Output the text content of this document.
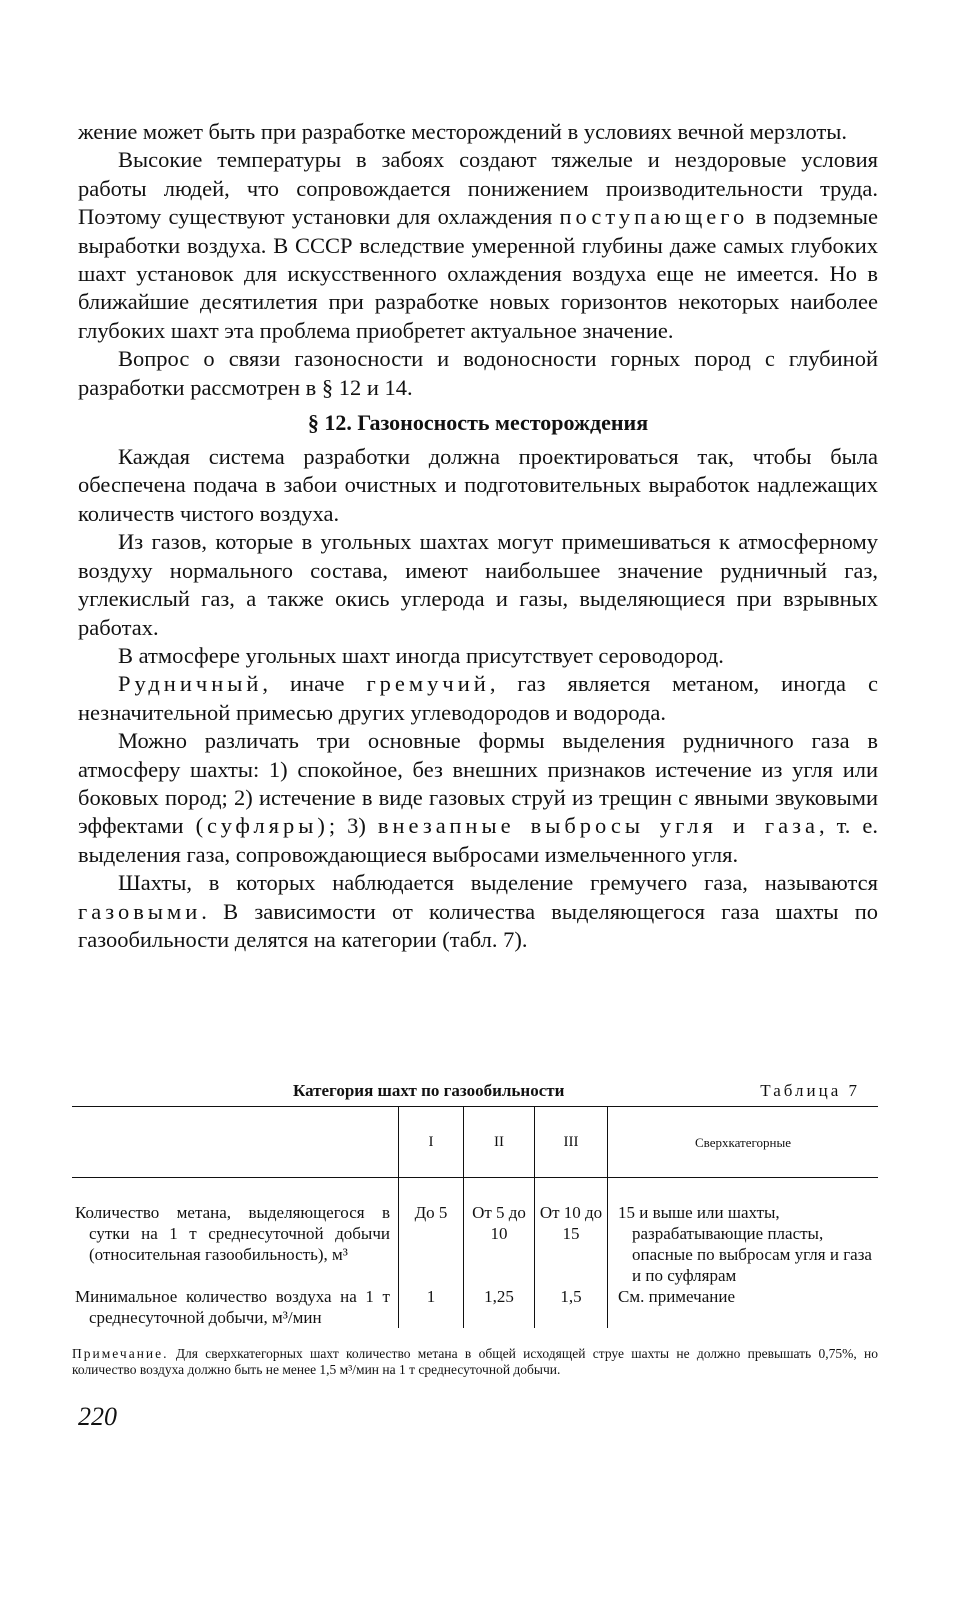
жение может быть при разработке месторождений в условиях вечной мерзлоты.

Высокие температуры в забоях создают тяжелые и нездоровые условия работы людей, что сопровождается понижением производительности труда. Поэтому существуют установки для охлаждения поступающего в подземные выработки воздуха. В СССР вследствие умеренной глубины даже самых глубоких шахт установок для искусственного охлаждения воздуха еще не имеется. Но в ближайшие десятилетия при разработке новых горизонтов некоторых наиболее глубоких шахт эта проблема приобретет актуальное значение.

Вопрос о связи газоносности и водоносности горных пород с глубиной разработки рассмотрен в § 12 и 14.

§ 12. Газоносность месторождения

Каждая система разработки должна проектироваться так, чтобы была обеспечена подача в забои очистных и подготовительных выработок надлежащих количеств чистого воздуха.

Из газов, которые в угольных шахтах могут примешиваться к атмосферному воздуху нормального состава, имеют наибольшее значение рудничный газ, углекислый газ, а также окись углерода и газы, выделяющиеся при взрывных работах.

В атмосфере угольных шахт иногда присутствует сероводород.

Рудничный, иначе гремучий, газ является метаном, иногда с незначительной примесью других углеводородов и водорода.

Можно различать три основные формы выделения рудничного газа в атмосферу шахты: 1) спокойное, без внешних признаков истечение из угля или боковых пород; 2) истечение в виде газовых струй из трещин с явными звуковыми эффектами (суфляры); 3) внезапные выбросы угля и газа, т. е. выделения газа, сопровождающиеся выбросами измельченного угля.

Шахты, в которых наблюдается выделение гремучего газа, называются газовыми. В зависимости от количества выделяющегося газа шахты по газообильности делятся на категории (табл. 7).

Категория шахт по газообильности	Таблица 7
	I	II	III	Сверхкатегорные

Количество метана, выделяющегося в сутки на 1 т среднесуточной добычи (относительная газообильность), м³	До 5	От 5 до 10	От 10 до 15	15 и выше или шахты, разрабатывающие пласты, опасные по выбросам угля и газа и по суфлярам

Минимальное количество воздуха на 1 т среднесуточной добычи, м³/мин	1	1,25	1,5	См. примечание
Примечание. Для сверхкатегорных шахт количество метана в общей исходящей струе шахты не должно превышать 0,75%, но количество воздуха должно быть не менее 1,5 м³/мин на 1 т среднесуточной добычи.
220
